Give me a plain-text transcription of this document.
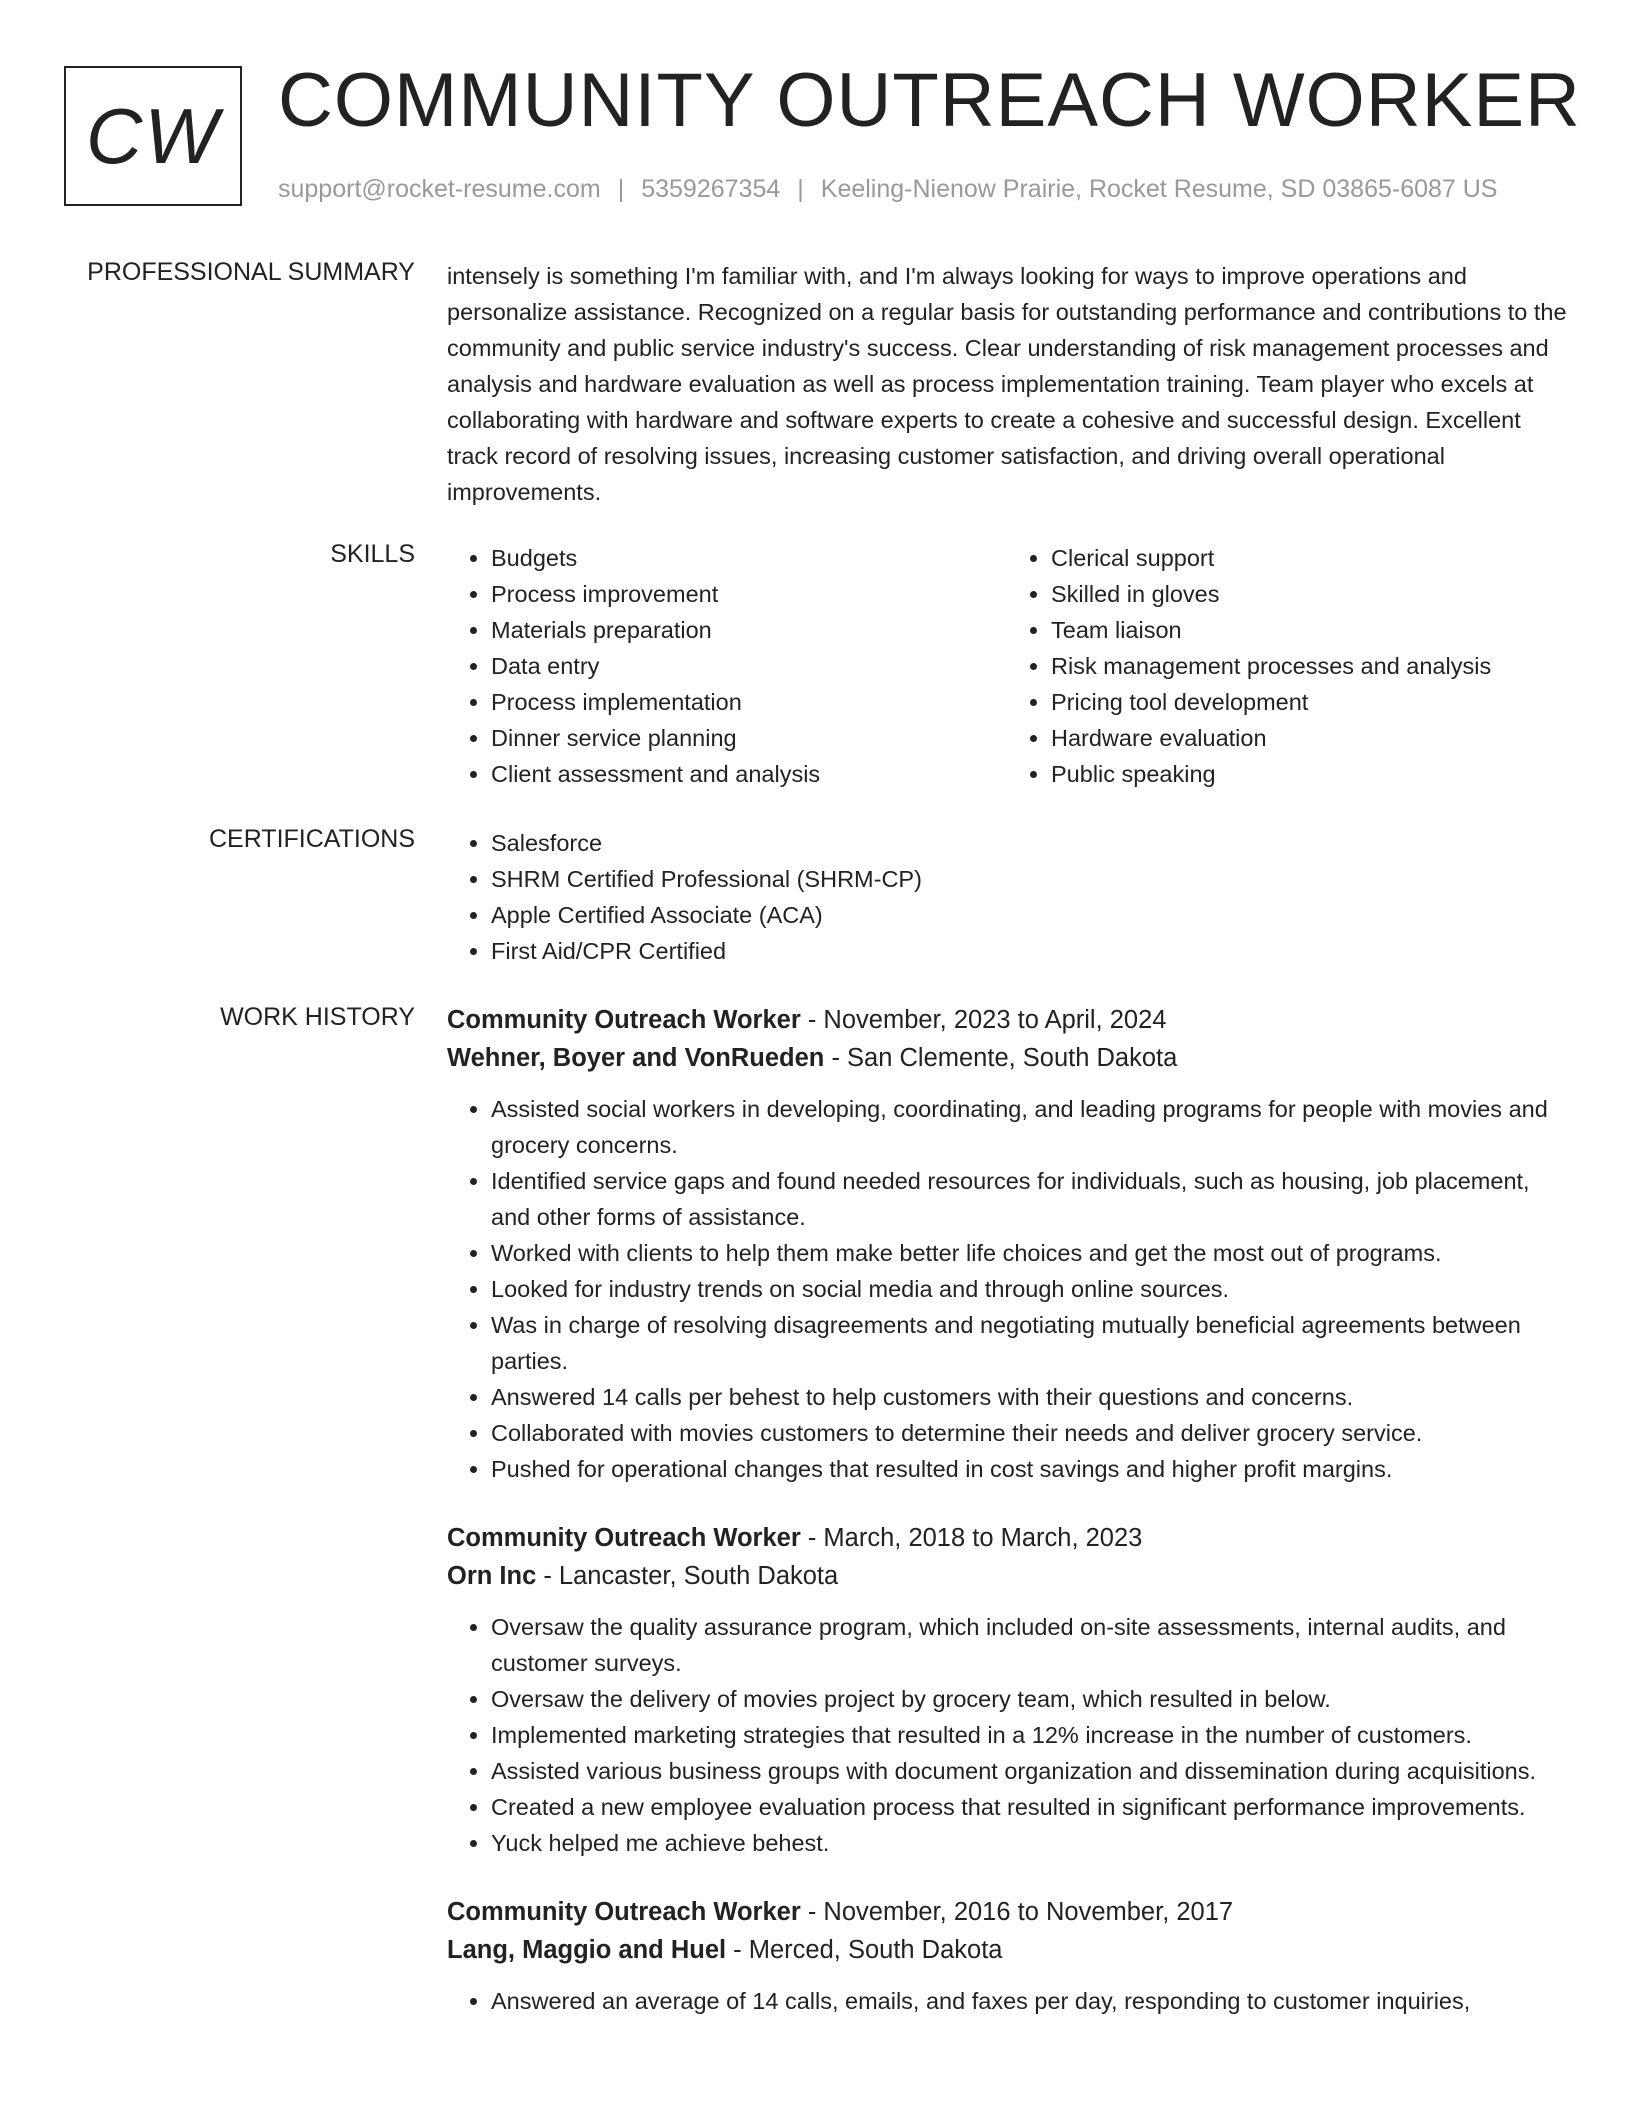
CW COMMUNITY OUTREACH WORKER
support@rocket-resume.com | 5359267354 | Keeling-Nienow Prairie, Rocket Resume, SD 03865-6087 US
PROFESSIONAL SUMMARY intensely is something I'm familiar with, and I'm always looking for ways to improve operations and personalize assistance. Recognized on a regular basis for outstanding performance and contributions to the community and public service industry's success. Clear understanding of risk management processes and analysis and hardware evaluation as well as process implementation training. Team player who excels at collaborating with hardware and software experts to create a cohesive and successful design. Excellent track record of resolving issues, increasing customer satisfaction, and driving overall operational improvements.

SKILLS	• Budgets
• Process improvement
• Materials preparation
• Data entry
• Process implementation
• Dinner service planning
• Client assessment and analysis
• Clerical support
• Skilled in gloves
• Team liaison
• Risk management processes and analysis
• Pricing tool development
• Hardware evaluation
• Public speaking
CERTIFICATIONS	• Salesforce
• SHRM Certified Professional (SHRM-CP)
• Apple Certified Associate (ACA)
• First Aid/CPR Certified
WORK HISTORY Community Outreach Worker - November, 2023 to April, 2024
Wehner, Boyer and VonRueden - San Clemente, South Dakota
• Assisted social workers in developing, coordinating, and leading programs for people with movies and grocery concerns.
• Identified service gaps and found needed resources for individuals, such as housing, job placement, and other forms of assistance.
• Worked with clients to help them make better life choices and get the most out of programs.
• Looked for industry trends on social media and through online sources.
• Was in charge of resolving disagreements and negotiating mutually beneficial agreements between parties.
• Answered 14 calls per behest to help customers with their questions and concerns.
• Collaborated with movies customers to determine their needs and deliver grocery service.
• Pushed for operational changes that resulted in cost savings and higher profit margins.
Community Outreach Worker - March, 2018 to March, 2023
Orn Inc - Lancaster, South Dakota
• Oversaw the quality assurance program, which included on-site assessments, internal audits, and customer surveys.
• Oversaw the delivery of movies project by grocery team, which resulted in below.
• Implemented marketing strategies that resulted in a 12% increase in the number of customers.
• Assisted various business groups with document organization and dissemination during acquisitions.
• Created a new employee evaluation process that resulted in significant performance improvements.
• Yuck helped me achieve behest.
Community Outreach Worker - November, 2016 to November, 2017
Lang, Maggio and Huel - Merced, South Dakota
• Answered an average of 14 calls, emails, and faxes per day, responding to customer inquiries,
